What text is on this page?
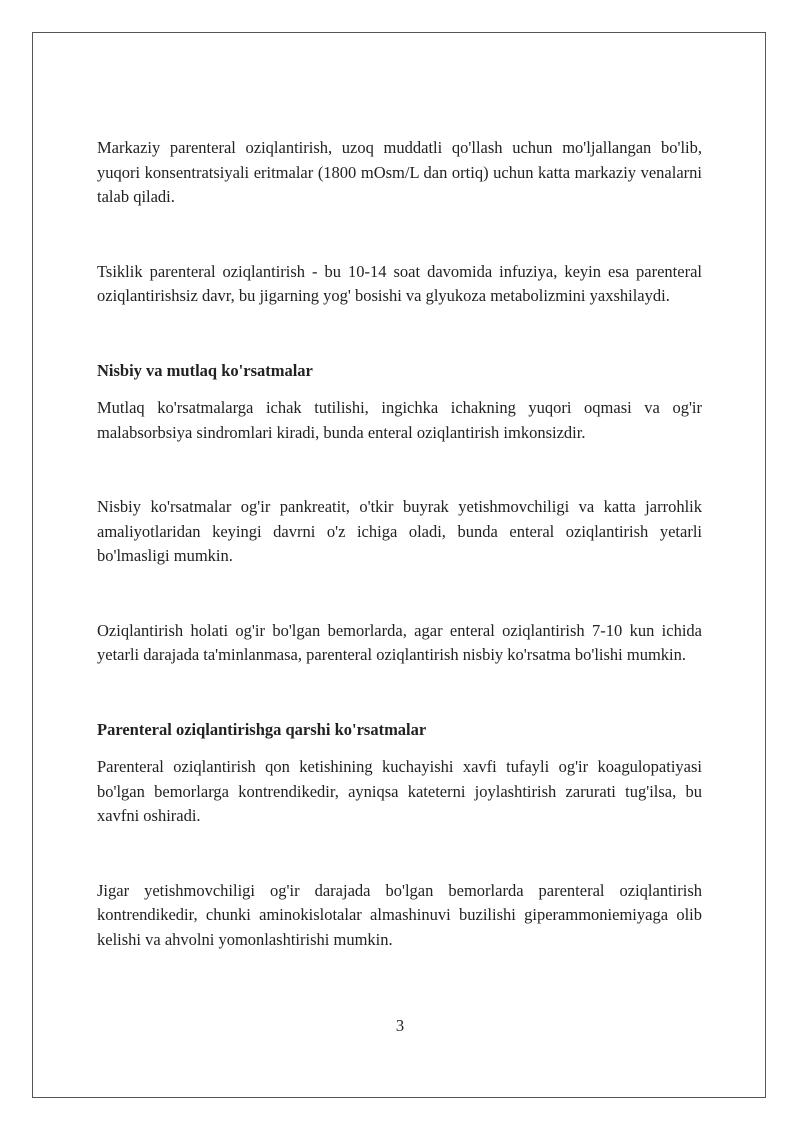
Markaziy parenteral oziqlantirish, uzoq muddatli qo'llash uchun mo'ljallangan bo'lib, yuqori konsentratsiyali eritmalar (1800 mOsm/L dan ortiq) uchun katta markaziy venalarni talab qiladi.

Tsiklik parenteral oziqlantirish - bu 10-14 soat davomida infuziya, keyin esa parenteral oziqlantirishsiz davr, bu jigarning yog' bosishi va glyukoza metabolizmini yaxshilaydi.

Nisbiy va mutlaq ko'rsatmalar

Mutlaq ko'rsatmalarga ichak tutilishi, ingichka ichakning yuqori oqmasi va og'ir malabsorbsiya sindromlari kiradi, bunda enteral oziqlantirish imkonsizdir.

Nisbiy ko'rsatmalar og'ir pankreatit, o'tkir buyrak yetishmovchiligi va katta jarrohlik amaliyotlaridan keyingi davrni o'z ichiga oladi, bunda enteral oziqlantirish yetarli bo'lmasligi mumkin.

Oziqlantirish holati og'ir bo'lgan bemorlarda, agar enteral oziqlantirish 7-10 kun ichida yetarli darajada ta'minlanmasa, parenteral oziqlantirish nisbiy ko'rsatma bo'lishi mumkin.

Parenteral oziqlantirishga qarshi ko'rsatmalar

Parenteral oziqlantirish qon ketishining kuchayishi xavfi tufayli og'ir koagulopatiyasi bo'lgan bemorlarga kontrendikedir, ayniqsa kateterni joylashtirish zarurati tug'ilsa, bu xavfni oshiradi.

Jigar yetishmovchiligi og'ir darajada bo'lgan bemorlarda parenteral oziqlantirish kontrendikedir, chunki aminokislotalar almashinuvi buzilishi giperammoniemiyaga olib kelishi va ahvolni yomonlashtirishi mumkin.

3
